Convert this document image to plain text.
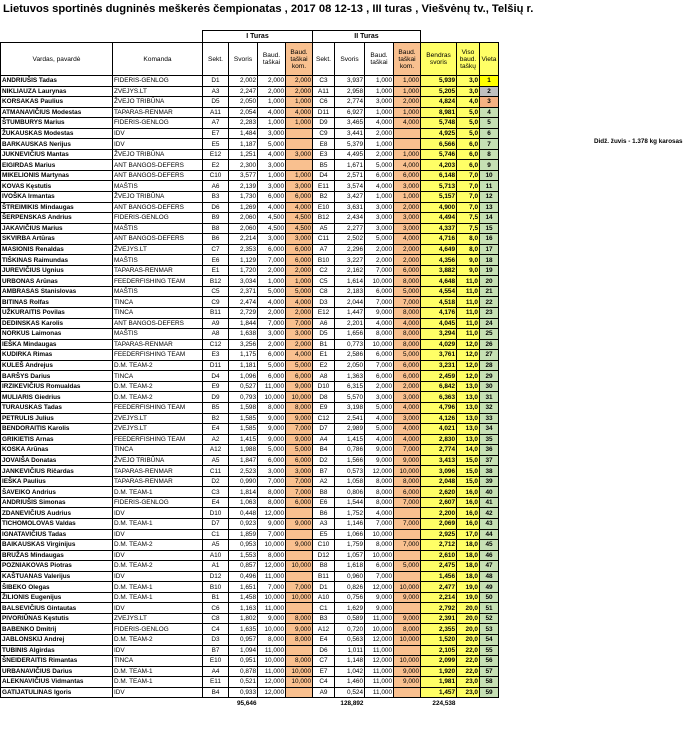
Lietuvos sportinės dugninės meškerės čempionatas , 2017 08 12-13 , III turas , Viešvėnų tv., Telšių r.
		I Turas				II Turas						
Vardas, pavardė	Komanda	Sekt.	Svoris	Baud. taškai	Baud. taškai kom.	Sekt.	Svoris	Baud. taškai	Baud. taškai kom.	Bendras svoris	Viso baud. taškų	Vieta
ANDRIUŠIS Tadas	FIDERIS-GENLOG	D1	2,002	2,000	2,000	C3	3,937	1,000	1,000	5,939	3,0	1
NIKLIAUZA Laurynas	ZVEJYS.LT	A3	2,247	2,000	2,000	A11	2,958	1,000	1,000	5,205	3,0	2
KORSAKAS Paulius	ŽVEJO TRIBŪNA	D5	2,050	1,000	1,000	C6	2,774	3,000	2,000	4,824	4,0	3
ATMANAVIČIUS Modestas	TAPARAS-RENMAR	A11	2,054	4,000	4,000	D11	6,927	1,000	1,000	8,981	5,0	4
ŠTUMBURYS Marius	FIDERIS-GENLOG	A7	2,283	1,000	1,000	D9	3,465	4,000	4,000	5,748	5,0	5
ŽUKAUSKAS Modestas	IDV	E7	1,484	3,000		C9	3,441	2,000		4,925	5,0	6
BARKAUSKAS Nerijus	IDV	E5	1,187	5,000		E8	5,379	1,000		6,566	6,0	7
JUKNEVIČIUS Mantas	ŽVEJO TRIBŪNA	E12	1,251	4,000	3,000	E3	4,495	2,000	1,000	5,746	6,0	8
EIGIRDAS Marius	ANT BANGOS-DEFERS	E2	2,300	3,000		B5	1,671	5,000	4,000	4,203	6,0	9
MIKELIONIS Martynas	ANT BANGOS-DEFERS	C10	3,577	1,000	1,000	D4	2,571	6,000	6,000	6,148	7,0	10
KOVAS Kęstutis	MAŠTIS	A6	2,139	3,000	3,000	E11	3,574	4,000	3,000	5,713	7,0	11
IVOŠKA Irmantas	ŽVEJO TRIBŪNA	B3	1,730	6,000	6,000	B2	3,427	1,000	1,000	5,157	7,0	12
ŠTREIMIKIS Mindaugas	ANT BANGOS-DEFERS	D6	1,269	4,000	4,000	E10	3,631	3,000	2,000	4,900	7,0	13
ŠERPENSKAS Andrius	FIDERIS-GENLOG	B9	2,060	4,500	4,500	B12	2,434	3,000	3,000	4,494	7,5	14
JAKAVIČIUS Marius	MAŠTIS	B8	2,060	4,500	4,500	A5	2,277	3,000	3,000	4,337	7,5	15
SKVIRBA Artūras	ANT BANGOS-DEFERS	B6	2,214	3,000	3,000	C11	2,502	5,000	4,000	4,716	8,0	16
MASIONIS Renaldas	ŽVEJYS.LT	C7	2,353	6,000	6,000	A7	2,296	2,000	2,000	4,649	8,0	17
TIŠKINAS Raimundas	MAŠTIS	E6	1,129	7,000	6,000	B10	3,227	2,000	2,000	4,356	9,0	18
JUREVIČIUS Ugnius	TAPARAS-RENMAR	E1	1,720	2,000	2,000	C2	2,162	7,000	6,000	3,882	9,0	19
URBONAS Arūnas	FEEDERFISHING TEAM	B12	3,034	1,000	1,000	C5	1,614	10,000	8,000	4,648	11,0	20
AMBRASAS Stanislovas	MAŠTIS	C5	2,371	5,000	5,000	C8	2,183	6,000	5,000	4,554	11,0	21
BITINAS Rolfas	TINCA	C9	2,474	4,000	4,000	D3	2,044	7,000	7,000	4,518	11,0	22
UŽKURAITIS Povilas	TINCA	B11	2,729	2,000	2,000	E12	1,447	9,000	8,000	4,176	11,0	23
DEDINSKAS Karolis	ANT BANGOS-DEFERS	A9	1,844	7,000	7,000	A6	2,201	4,000	4,000	4,045	11,0	24
NORKUS Laimonas	MAŠTIS	A8	1,638	3,000	3,000	D5	1,656	8,000	8,000	3,294	11,0	25
IEŠKA Mindaugas	TAPARAS-RENMAR	C12	3,256	2,000	2,000	B1	0,773	10,000	8,000	4,029	12,0	26
KUDIRKA Rimas	FEEDERFISHING TEAM	E3	1,175	6,000	4,000	E1	2,586	6,000	5,000	3,761	12,0	27
KULEŠ Andrejus	D.M. TEAM-2	D11	1,181	5,000	5,000	E2	2,050	7,000	6,000	3,231	12,0	28
BARŠYS Darius	TINCA	D4	1,096	6,000	6,000	A8	1,363	6,000	6,000	2,459	12,0	29
IRZIKEVIČIUS Romualdas	D.M. TEAM-2	E9	0,527	11,000	9,000	D10	6,315	2,000	2,000	6,842	13,0	30
MULIARIS Giedrius	D.M. TEAM-2	D9	0,793	10,000	10,000	D8	5,570	3,000	3,000	6,363	13,0	31
TURAUSKAS Tadas	FEEDERFISHING TEAM	B5	1,598	8,000	8,000	E9	3,198	5,000	4,000	4,796	13,0	32
PETRULIS Julius	ZVEJYS.LT	B2	1,585	9,000	9,000	C12	2,541	4,000	3,000	4,126	13,0	33
BENDORAITIS Karolis	ZVEJYS.LT	E4	1,585	9,000	7,000	D7	2,989	5,000	4,000	4,021	13,0	34
GRIKIETIS Arnas	FEEDERFISHING TEAM	A2	1,415	9,000	9,000	A4	1,415	4,000	4,000	2,830	13,0	35
KOSKA Arūnas	TINCA	A12	1,988	5,000	5,000	B4	0,786	9,000	7,000	2,774	14,0	36
JOVAIŠA Donatas	ŽVEJO TRIBŪNA	A5	1,847	6,000	6,000	D2	1,566	9,000	9,000	3,413	15,0	37
JANKEVIČIUS Ričardas	TAPARAS-RENMAR	C11	2,523	3,000	3,000	B7	0,573	12,000	10,000	3,096	15,0	38
IEŠKA Paulius	TAPARAS-RENMAR	D2	0,990	7,000	7,000	A2	1,058	8,000	8,000	2,048	15,0	39
ŠAVEIKO Andrius	D.M. TEAM-1	C3	1,814	8,000	7,000	B8	0,806	8,000	6,000	2,620	16,0	40
ANDRIUŠIS Simonas	FIDERIS-GENLOG	E4	1,063	8,000	6,000	E6	1,544	8,000	7,000	2,607	16,0	41
ZDANEVIČIUS Audrius	IDV	D10	0,448	12,000		B6	1,752	4,000		2,200	16,0	42
TICHOMOLOVAS Valdas	D.M. TEAM-1	D7	0,923	9,000	9,000	A3	1,146	7,000	7,000	2,069	16,0	43
IGNATAVIČIUS Tadas	IDV	C1	1,859	7,000		E5	1,066	10,000		2,925	17,0	44
BAIKAUSKAS Virginijus	D.M. TEAM-2	A5	0,953	10,000	9,000	C10	1,759	8,000	7,000	2,712	18,0	45
BRUŽAS Mindaugas	IDV	A10	1,553	8,000		D12	1,057	10,000		2,610	18,0	46
POZNIAKOVAS Piotras	D.M. TEAM-2	A1	0,857	12,000	10,000	B8	1,618	6,000	5,000	2,475	18,0	47
KAŠTUANAS Valerijus	IDV	D12	0,496	11,000		B11	0,960	7,000		1,456	18,0	48
ŠIBEKO Olegas	D.M. TEAM-1	B10	1,651	7,000	7,000	D1	0,826	12,000	10,000	2,477	19,0	49
ŽILIONIS Eugenijus	D.M. TEAM-1	B1	1,458	10,000	10,000	A10	0,756	9,000	9,000	2,214	19,0	50
BALSEVIČIUS Gintautas	IDV	C6	1,163	11,000		C1	1,629	9,000		2,792	20,0	51
PIVORIŪNAS Kęstutis	ZVEJYS.LT	C8	1,802	9,000	8,000	B3	0,589	11,000	9,000	2,391	20,0	52
BABENKO Dmitrij	FIDERIS-GENLOG	C4	1,635	10,000	9,000	A12	0,720	10,000	8,000	2,355	20,0	53
JABLONSKIJ Andrej	D.M. TEAM-2	D3	0,957	8,000	8,000	E4	0,563	12,000	10,000	1,520	20,0	54
TUBINIS Algirdas	IDV	B7	1,094	11,000		D6	1,011	11,000		2,105	22,0	55
ŠNEIDERAITIS Rimantas	TINCA	E10	0,951	10,000	8,000	C7	1,148	12,000	10,000	2,099	22,0	56
URBANAVIČIUS Darius	D.M. TEAM-1	A4	0,878	11,000	10,000	E7	1,042	11,000	9,000	1,920	22,0	57
ALEKNAVIČIUS Vidmantas	D.M. TEAM-1	E11	0,521	12,000	10,000	C4	1,460	11,000	9,000	1,981	23,0	58
GATIJATULINAS Igoris	IDV	B4	0,933	12,000		A9	0,524	11,000		1,457	23,0	59
			95,646				128,892			224,538		
Didž. žuvis - 1.378 kg karosas
